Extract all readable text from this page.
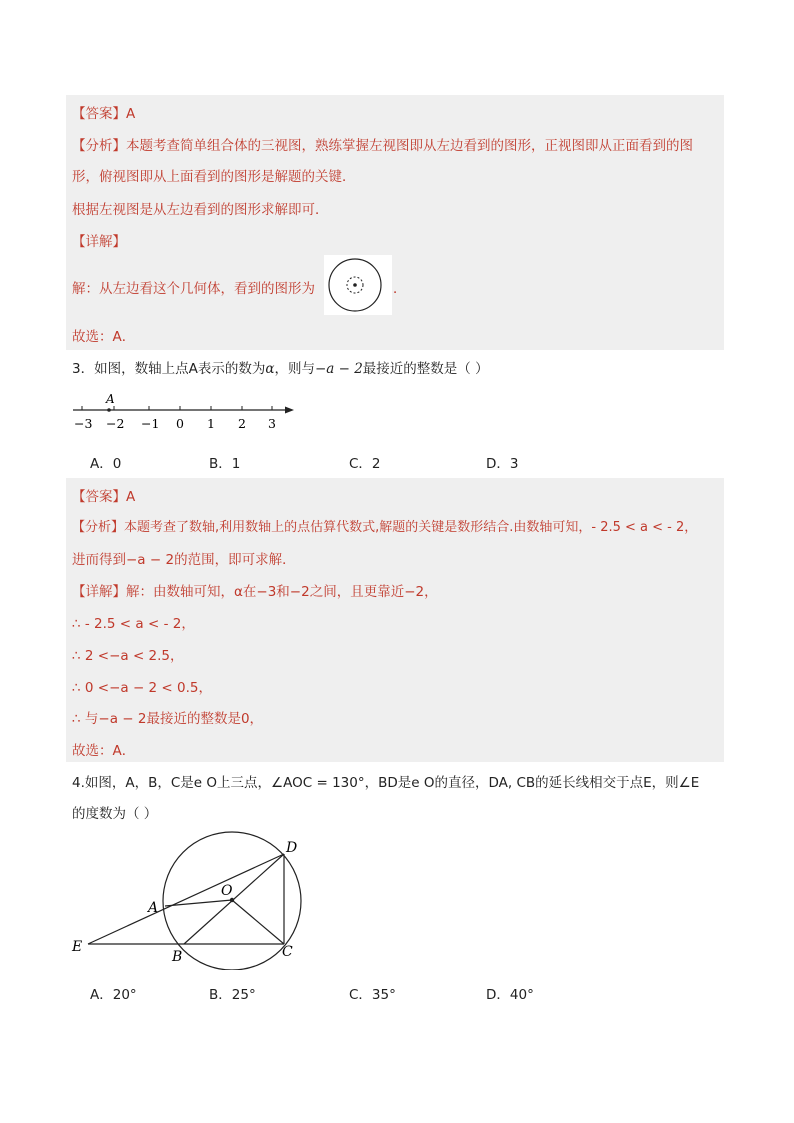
【答案】A
【分析】本题考查简单组合体的三视图，熟练掌握左视图即从左边看到的图形，正视图即从正面看到的图
形，俯视图即从上面看到的图形是解题的关键．
根据左视图是从左边看到的图形求解即可．
【详解】
解：从左边看这个几何体，看到的图形为	．
故选：A．
3．如图，数轴上点A表示的数为α，则与−a − 2最接近的整数是（ ）
A
−3 −2 −1 0 1 2 3
A．0	B．1	C．2	D．3
【答案】A
【分析】本题考查了数轴,利用数轴上的点估算代数式,解题的关键是数形结合.由数轴可知，- 2.5 < a < - 2，
进而得到−a − 2的范围，即可求解．
【详解】解：由数轴可知，α在−3和−2之间，且更靠近−2，
∴ - 2.5 < a < - 2，
∴ 2 <−a < 2.5，
∴ 0 <−a − 2 < 0.5，
∴ 与−a − 2最接近的整数是0，
故选：A．
4.如图，A，B，C是e O上三点，∠AOC = 130°，BD是e O的直径，DA, CB的延长线相交于点E，则∠E
的度数为（ ）
D
O
A
E
B	C
A．20°	B．25°	C．35°	D．40°
